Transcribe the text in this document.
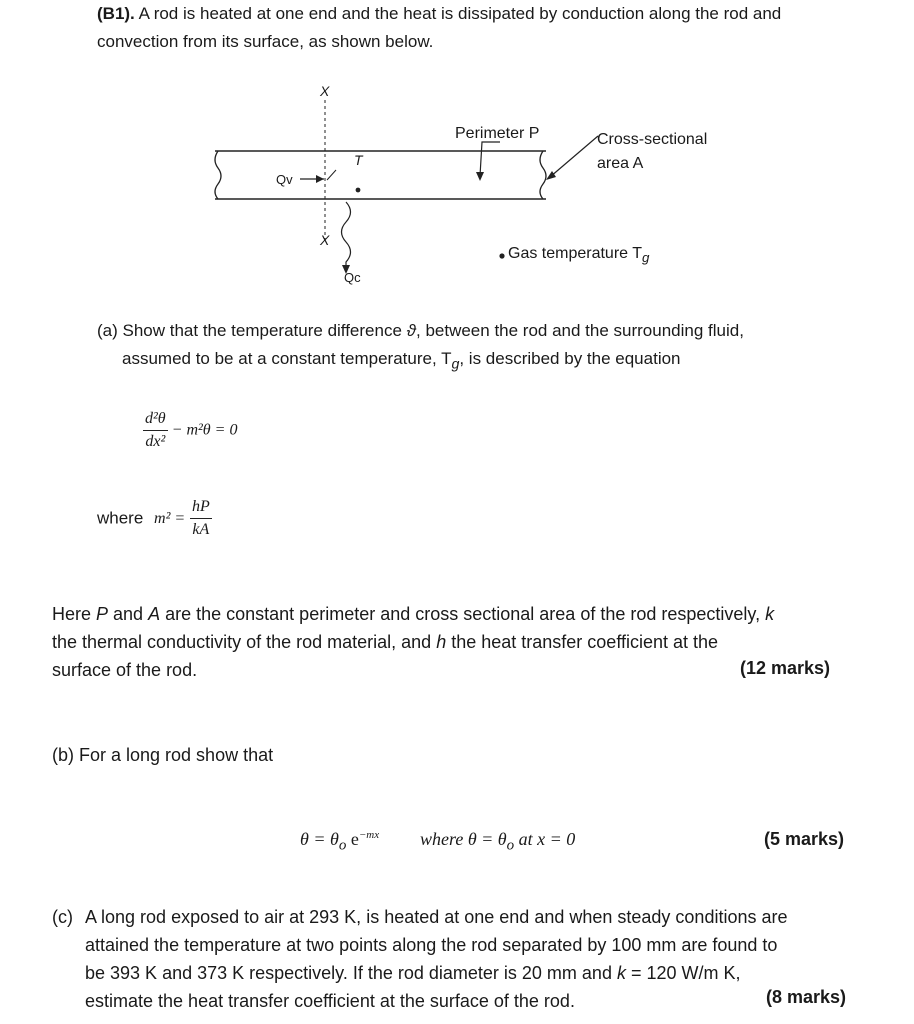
(B1). A rod is heated at one end and the heat is dissipated by conduction along the rod and
convection from its surface, as shown below.
X
X
T
Qv
Qc
Perimeter P	Cross-sectional
area A
Gas temperature $T_g$
(a) Show that the temperature difference ϑ, between the rod and the surrounding fluid,
assumed to be at a constant temperature, $T_g$, is described by the equation
$\frac{\text{d²θ}}{\text{dx²}} - m^2\theta = 0$
where $m^2 = \frac{hP}{kA}$
Here P and A are the constant perimeter and cross sectional area of the rod respectively, k
the thermal conductivity of the rod material, and h the heat transfer coefficient at the
surface of the rod.	(12 marks)
(b) For a long rod show that
$\theta = \theta_o$ $e^{-mx}$ where $\theta = \theta_o$ at x = 0	(5 marks)
(c) A long rod exposed to air at 293 K, is heated at one end and when steady conditions are
attained the temperature at two points along the rod separated by 100 mm are found to
be 393 K and 373 K respectively. If the rod diameter is 20 mm and k = 120 W/m K,
estimate the heat transfer coefficient at the surface of the rod.	(8 marks)
